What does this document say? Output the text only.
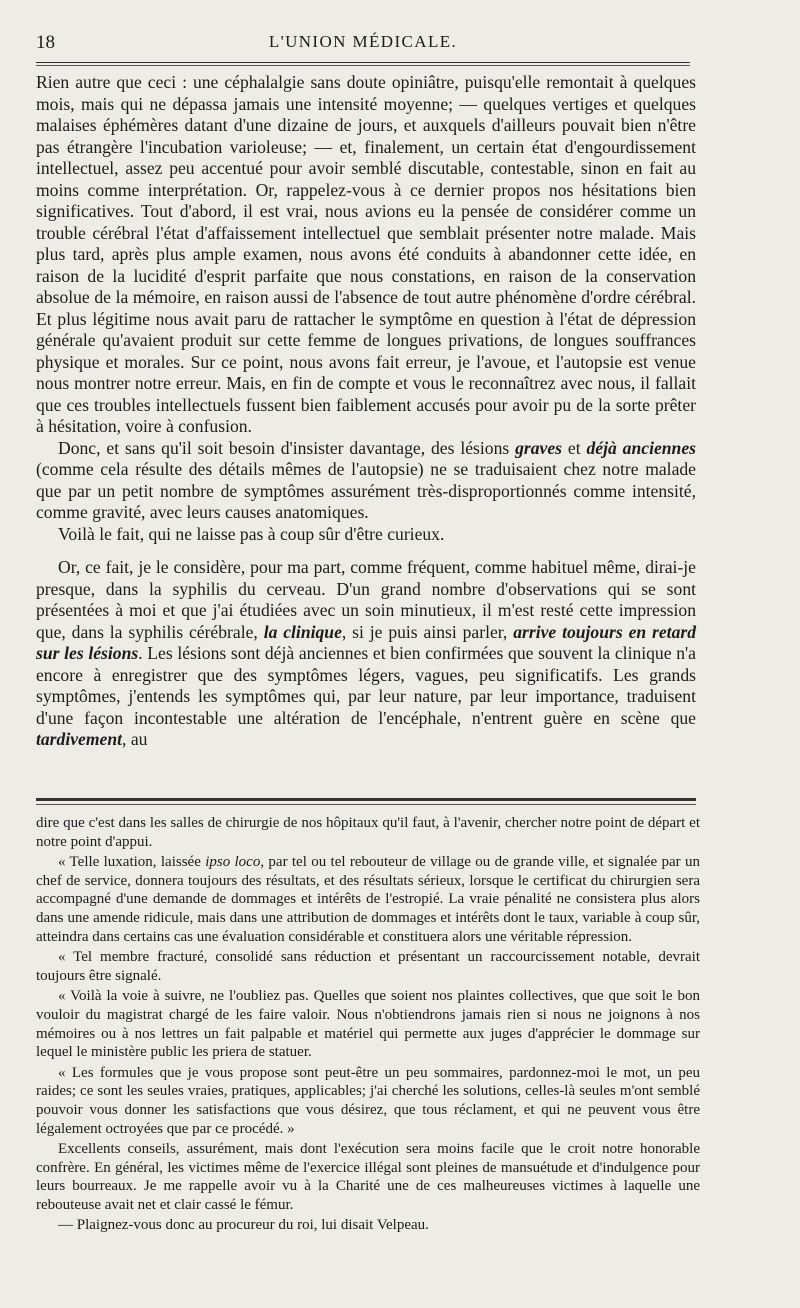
18	L'UNION MÉDICALE.

Rien autre que ceci : une céphalalgie sans doute opiniâtre, puisqu'elle remontait à quelques mois, mais qui ne dépassa jamais une intensité moyenne; — quelques vertiges et quelques malaises éphémères datant d'une dizaine de jours, et auxquels d'ailleurs pouvait bien n'être pas étrangère l'incubation varioleuse; — et, finalement, un certain état d'engourdissement intellectuel, assez peu accentué pour avoir semblé discutable, contestable, sinon en fait au moins comme interprétation. Or, rappelez-vous à ce dernier propos nos hésitations bien significatives. Tout d'abord, il est vrai, nous avions eu la pensée de considérer comme un trouble cérébral l'état d'affaissement intellectuel que semblait présenter notre malade. Mais plus tard, après plus ample examen, nous avons été conduits à abandonner cette idée, en raison de la lucidité d'esprit parfaite que nous constations, en raison de la conservation absolue de la mémoire, en raison aussi de l'absence de tout autre phénomène d'ordre cérébral. Et plus légitime nous avait paru de rattacher le symptôme en question à l'état de dépression générale qu'avaient produit sur cette femme de longues privations, de longues souffrances physique et morales. Sur ce point, nous avons fait erreur, je l'avoue, et l'autopsie est venue nous montrer notre erreur. Mais, en fin de compte et vous le reconnaîtrez avec nous, il fallait que ces troubles intellectuels fussent bien faiblement accusés pour avoir pu de la sorte prêter à hésitation, voire à confusion.

Donc, et sans qu'il soit besoin d'insister davantage, des lésions graves et déjà anciennes (comme cela résulte des détails mêmes de l'autopsie) ne se traduisaient chez notre malade que par un petit nombre de symptômes assurément très-disproportionnés comme intensité, comme gravité, avec leurs causes anatomiques.

Voilà le fait, qui ne laisse pas à coup sûr d'être curieux.

Or, ce fait, je le considère, pour ma part, comme fréquent, comme habituel même, dirai-je presque, dans la syphilis du cerveau. D'un grand nombre d'observations qui se sont présentées à moi et que j'ai étudiées avec un soin minutieux, il m'est resté cette impression que, dans la syphilis cérébrale, la clinique, si je puis ainsi parler, arrive toujours en retard sur les lésions. Les lésions sont déjà anciennes et bien confirmées que souvent la clinique n'a encore à enregistrer que des symptômes légers, vagues, peu significatifs. Les grands symptômes, j'entends les symptômes qui, par leur nature, par leur importance, traduisent d'une façon incontestable une altération de l'encéphale, n'entrent guère en scène que tardivement, au

dire que c'est dans les salles de chirurgie de nos hôpitaux qu'il faut, à l'avenir, chercher notre point de départ et notre point d'appui.

« Telle luxation, laissée ipso loco, par tel ou tel rebouteur de village ou de grande ville, et signalée par un chef de service, donnera toujours des résultats, et des résultats sérieux, lorsque le certificat du chirurgien sera accompagné d'une demande de dommages et intérêts de l'estropié. La vraie pénalité ne consistera plus alors dans une amende ridicule, mais dans une attribution de dommages et intérêts dont le taux, variable à coup sûr, atteindra dans certains cas une évaluation considérable et constituera alors une véritable répression.

« Tel membre fracturé, consolidé sans réduction et présentant un raccourcissement notable, devrait toujours être signalé.

« Voilà la voie à suivre, ne l'oubliez pas. Quelles que soient nos plaintes collectives, que que soit le bon vouloir du magistrat chargé de les faire valoir. Nous n'obtiendrons jamais rien si nous ne joignons à nos mémoires ou à nos lettres un fait palpable et matériel qui permette aux juges d'apprécier le dommage sur lequel le ministère public les priera de statuer.

« Les formules que je vous propose sont peut-être un peu sommaires, pardonnez-moi le mot, un peu raides; ce sont les seules vraies, pratiques, applicables; j'ai cherché les solutions, celles-là seules m'ont semblé pouvoir vous donner les satisfactions que vous désirez, que tous réclament, et qui ne peuvent vous être légalement octroyées que par ce procédé. »

Excellents conseils, assurément, mais dont l'exécution sera moins facile que le croit notre honorable confrère. En général, les victimes même de l'exercice illégal sont pleines de mansuétude et d'indulgence pour leurs bourreaux. Je me rappelle avoir vu à la Charité une de ces malheureuses victimes à laquelle une rebouteuse avait net et clair cassé le fémur.

— Plaignez-vous donc au procureur du roi, lui disait Velpeau.
